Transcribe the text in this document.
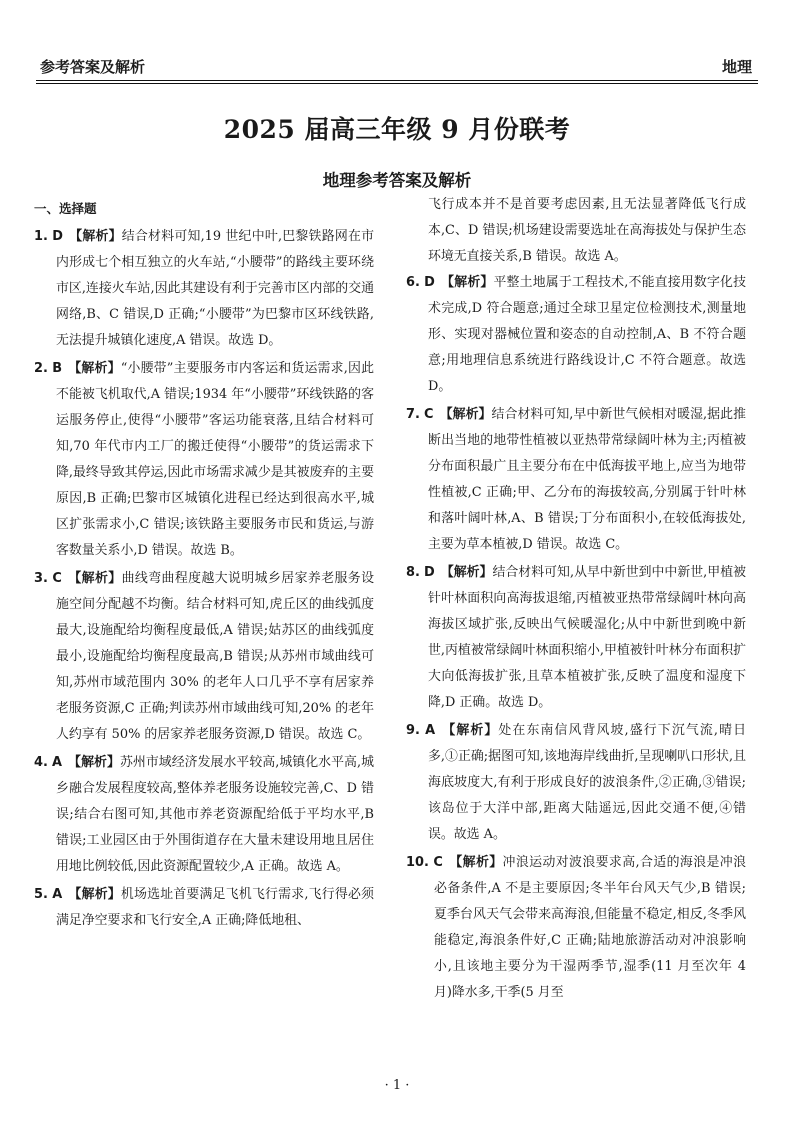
参考答案及解析	地理
2025 届高三年级 9 月份联考
地理参考答案及解析
一、选择题

1. D 【解析】结合材料可知,19 世纪中叶,巴黎铁路网在市内形成七个相互独立的火车站,“小腰带”的路线主要环绕市区,连接火车站,因此其建设有利于完善市区内部的交通网络,B、C 错误,D 正确;“小腰带”为巴黎市区环线铁路,无法提升城镇化速度,A 错误。故选 D。

2. B 【解析】“小腰带”主要服务市内客运和货运需求,因此不能被飞机取代,A 错误;1934 年“小腰带”环线铁路的客运服务停止,使得“小腰带”客运功能衰落,且结合材料可知,70 年代市内工厂的搬迁使得“小腰带”的货运需求下降,最终导致其停运,因此市场需求减少是其被废弃的主要原因,B 正确;巴黎市区城镇化进程已经达到很高水平,城区扩张需求小,C 错误;该铁路主要服务市民和货运,与游客数量关系小,D 错误。故选 B。

3. C 【解析】曲线弯曲程度越大说明城乡居家养老服务设施空间分配越不均衡。结合材料可知,虎丘区的曲线弧度最大,设施配给均衡程度最低,A 错误;姑苏区的曲线弧度最小,设施配给均衡程度最高,B 错误;从苏州市域曲线可知,苏州市域范围内 30% 的老年人口几乎不享有居家养老服务资源,C 正确;判读苏州市域曲线可知,20% 的老年人约享有 50% 的居家养老服务资源,D 错误。故选 C。

4. A 【解析】苏州市域经济发展水平较高,城镇化水平高,城乡融合发展程度较高,整体养老服务设施较完善,C、D 错误;结合右图可知,其他市养老资源配给低于平均水平,B 错误;工业园区由于外围街道存在大量未建设用地且居住用地比例较低,因此资源配置较少,A 正确。故选 A。

5. A 【解析】机场选址首要满足飞机飞行需求,飞行得必须满足净空要求和飞行安全,A 正确;降低地租、

飞行成本并不是首要考虑因素,且无法显著降低飞行成本,C、D 错误;机场建设需要选址在高海拔处与保护生态环境无直接关系,B 错误。故选 A。

6. D 【解析】平整土地属于工程技术,不能直接用数字化技术完成,D 符合题意;通过全球卫星定位检测技术,测量地形、实现对器械位置和姿态的自动控制,A、B 不符合题意;用地理信息系统进行路线设计,C 不符合题意。故选 D。

7. C 【解析】结合材料可知,早中新世气候相对暖湿,据此推断出当地的地带性植被以亚热带常绿阔叶林为主;丙植被分布面积最广且主要分布在中低海拔平地上,应当为地带性植被,C 正确;甲、乙分布的海拔较高,分别属于针叶林和落叶阔叶林,A、B 错误;丁分布面积小,在较低海拔处,主要为草本植被,D 错误。故选 C。

8. D 【解析】结合材料可知,从早中新世到中中新世,甲植被针叶林面积向高海拔退缩,丙植被亚热带常绿阔叶林向高海拔区域扩张,反映出气候暖湿化;从中中新世到晚中新世,丙植被常绿阔叶林面积缩小,甲植被针叶林分布面积扩大向低海拔扩张,且草本植被扩张,反映了温度和湿度下降,D 正确。故选 D。

9. A 【解析】处在东南信风背风坡,盛行下沉气流,晴日多,①正确;据图可知,该地海岸线曲折,呈现喇叭口形状,且海底坡度大,有利于形成良好的波浪条件,②正确,③错误;该岛位于大洋中部,距离大陆遥远,因此交通不便,④错误。故选 A。

10. C 【解析】冲浪运动对波浪要求高,合适的海浪是冲浪必备条件,A 不是主要原因;冬半年台风天气少,B 错误;夏季台风天气会带来高海浪,但能量不稳定,相反,冬季风能稳定,海浪条件好,C 正确;陆地旅游活动对冲浪影响小,且该地主要分为干湿两季节,湿季(11 月至次年 4 月)降水多,干季(5 月至

· 1 ·
